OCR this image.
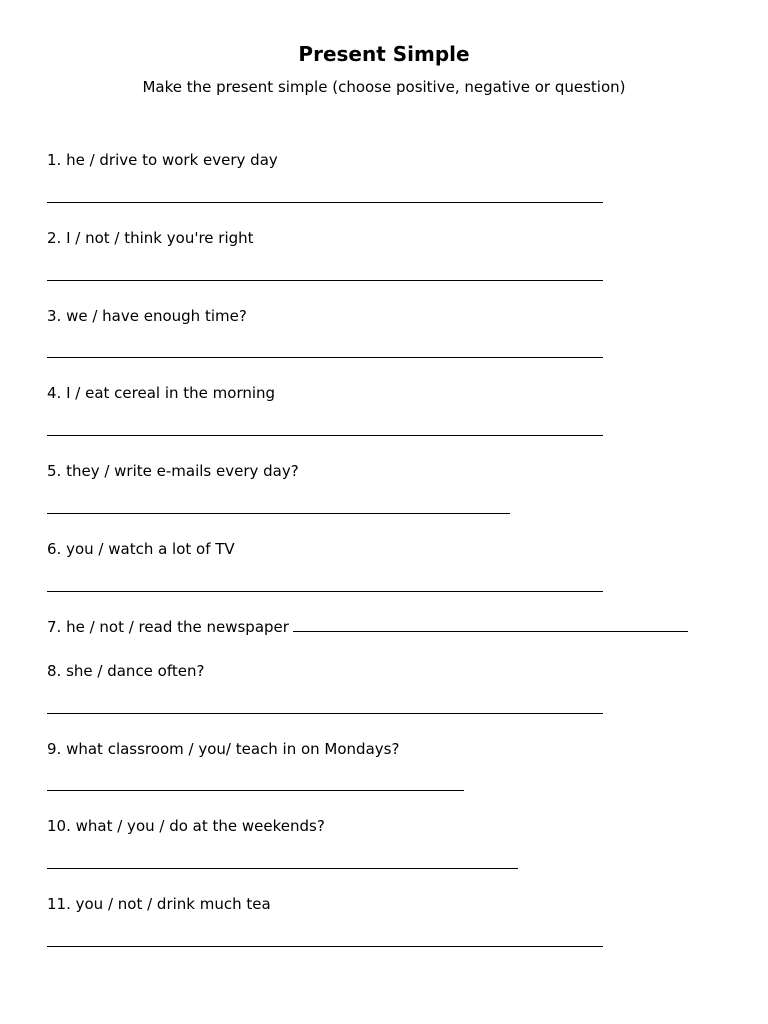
Present Simple
Make the present simple (choose positive, negative or question)
1. he / drive to work every day
2. I / not / think you're right
3. we / have enough time?
4. I / eat cereal in the morning
5. they / write e-mails every day?
6. you / watch a lot of TV
7. he / not / read the newspaper
8. she / dance often?
9. what classroom / you/ teach in on Mondays?
10. what / you / do at the weekends?
11. you / not / drink much tea
